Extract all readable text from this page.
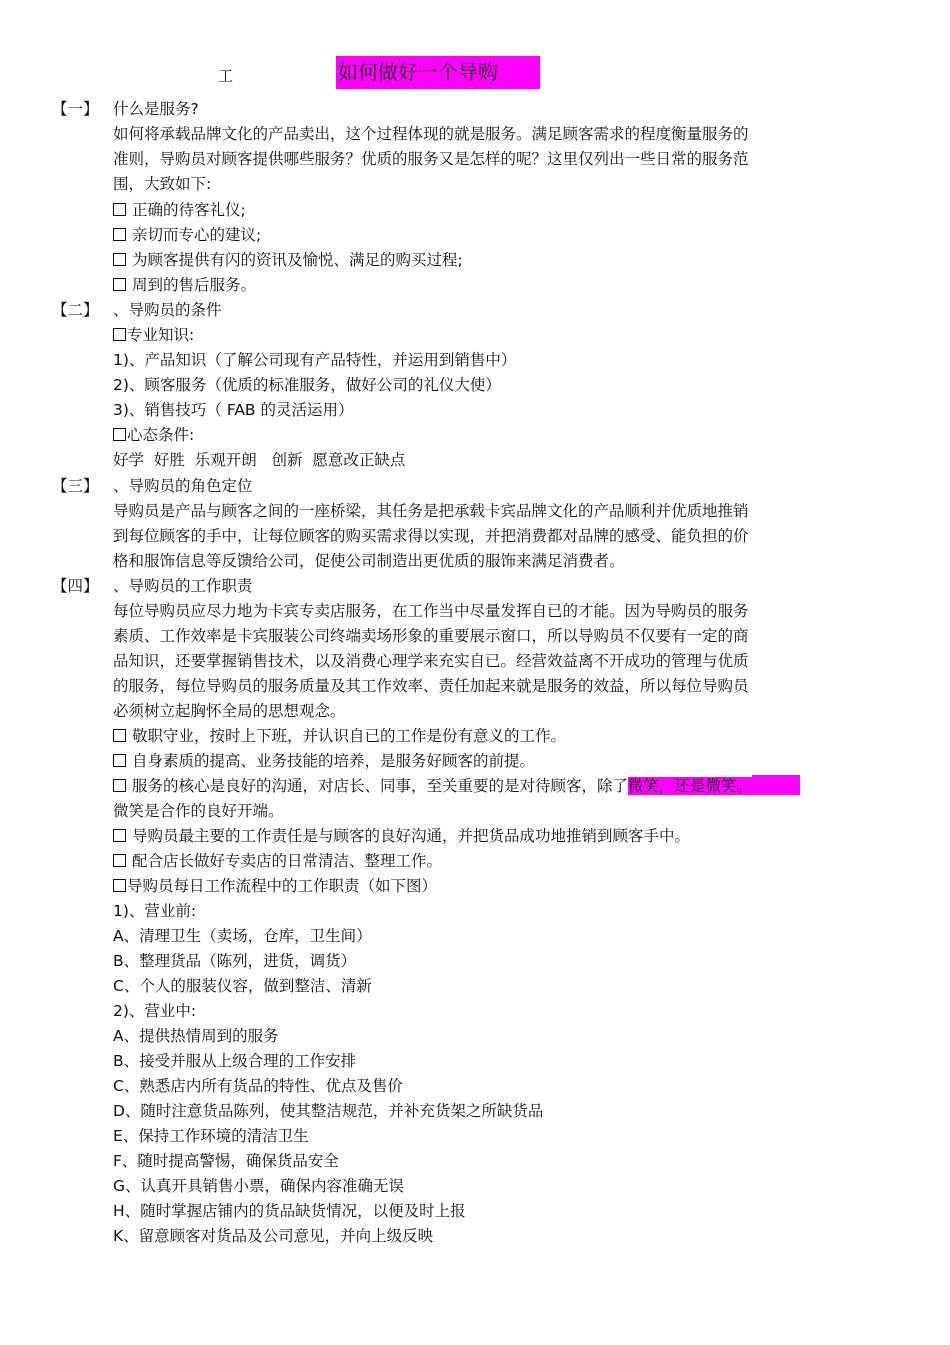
工	如何做好一个导购
【一】 什么是服务?
如何将承载品牌文化的产品卖出，这个过程体现的就是服务。满足顾客需求的程度衡量服务的
准则，导购员对顾客提供哪些服务？优质的服务又是怎样的呢？这里仅列出一些日常的服务范
围，大致如下:
正确的待客礼仪;
亲切而专心的建议;
为顾客提供有闪的资讯及愉悦、满足的购买过程;
周到的售后服务。
【二】 、导购员的条件
专业知识:
1)、产品知识（了解公司现有产品特性，并运用到销售中）
2)、顾客服务（优质的标准服务，做好公司的礼仪大使）
3)、销售技巧（ FAB 的灵活运用）
心态条件:
好学  好胜  乐观开朗   创新  愿意改正缺点
【三】 、导购员的角色定位
导购员是产品与顾客之间的一座桥梁，其任务是把承载卡宾品牌文化的产品顺利并优质地推销
到每位顾客的手中，让每位顾客的购买需求得以实现，并把消费都对品牌的感受、能负担的价
格和服饰信息等反馈给公司，促使公司制造出更优质的服饰来满足消费者。
【四】 、导购员的工作职责
每位导购员应尽力地为卡宾专卖店服务，在工作当中尽量发挥自已的才能。因为导购员的服务
素质、工作效率是卡宾服装公司终端卖场形象的重要展示窗口，所以导购员不仅要有一定的商
品知识，还要掌握销售技术，以及消费心理学来充实自已。经营效益离不开成功的管理与优质
的服务，每位导购员的服务质量及其工作效率、责任加起来就是服务的效益，所以每位导购员
必须树立起胸怀全局的思想观念。
敬职守业，按时上下班，并认识自已的工作是份有意义的工作。
自身素质的提高、业务技能的培养，是服务好顾客的前提。
服务的核心是良好的沟通，对店长、同事，至关重要的是对待顾客，除了微笑，还是微笑。
微笑是合作的良好开端。
导购员最主要的工作责任是与顾客的良好沟通，并把货品成功地推销到顾客手中。
配合店长做好专卖店的日常清洁、整理工作。
导购员每日工作流程中的工作职责（如下图）
1)、营业前:
A、清理卫生（卖场，仓库，卫生间）
B、整理货品（陈列，进货，调货）
C、个人的服装仪容，做到整洁、清新
2)、营业中:
A、提供热情周到的服务
B、接受并服从上级合理的工作安排
C、熟悉店内所有货品的特性、优点及售价
D、随时注意货品陈列，使其整洁规范，并补充货架之所缺货品
E、保持工作环境的清洁卫生
F、随时提高警惕，确保货品安全
G、认真开具销售小票，确保内容准确无误
H、随时掌握店铺内的货品缺货情况，以便及时上报
K、留意顾客对货品及公司意见，并向上级反映
